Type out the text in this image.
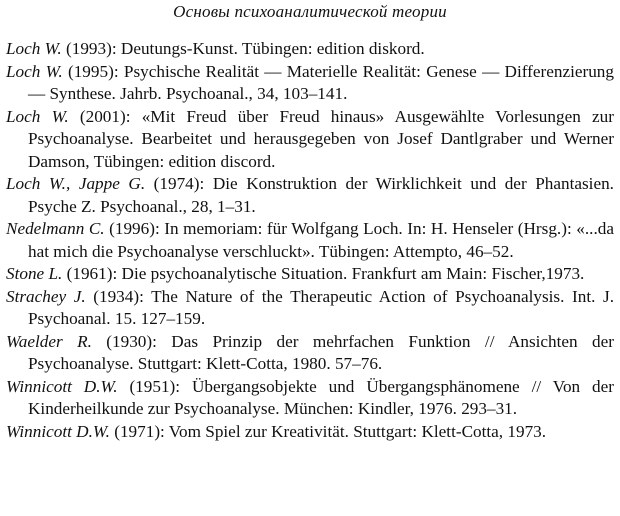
Основы психоаналитической теории
Loch W. (1993): Deutungs-Kunst. Tübingen: edition diskord.
Loch W. (1995): Psychische Realität — Materielle Realität: Genese — Differenzierung — Synthese. Jahrb. Psychoanal., 34, 103–141.
Loch W. (2001): «Mit Freud über Freud hinaus» Ausgewählte Vorlesungen zur Psychoanalyse. Bearbeitet und herausgegeben von Josef Dantlgraber und Werner Damson, Tübingen: edition discord.
Loch W., Jappe G. (1974): Die Konstruktion der Wirklichkeit und der Phantasien. Psyche Z. Psychoanal., 28, 1–31.
Nedelmann C. (1996): In memoriam: für Wolfgang Loch. In: H. Henseler (Hrsg.): «...da hat mich die Psychoanalyse verschluckt». Tübingen: Attempto, 46–52.
Stone L. (1961): Die psychoanalytische Situation. Frankfurt am Main: Fischer,1973.
Strachey J. (1934): The Nature of the Therapeutic Action of Psychoanalysis. Int. J. Psychoanal. 15. 127–159.
Waelder R. (1930): Das Prinzip der mehrfachen Funktion // Ansichten der Psychoanalyse. Stuttgart: Klett-Cotta, 1980. 57–76.
Winnicott D.W. (1951): Übergangsobjekte und Übergangsphänomene // Von der Kinderheilkunde zur Psychoanalyse. München: Kindler, 1976. 293–31.
Winnicott D.W. (1971): Vom Spiel zur Kreativität. Stuttgart: Klett-Cotta, 1973.
